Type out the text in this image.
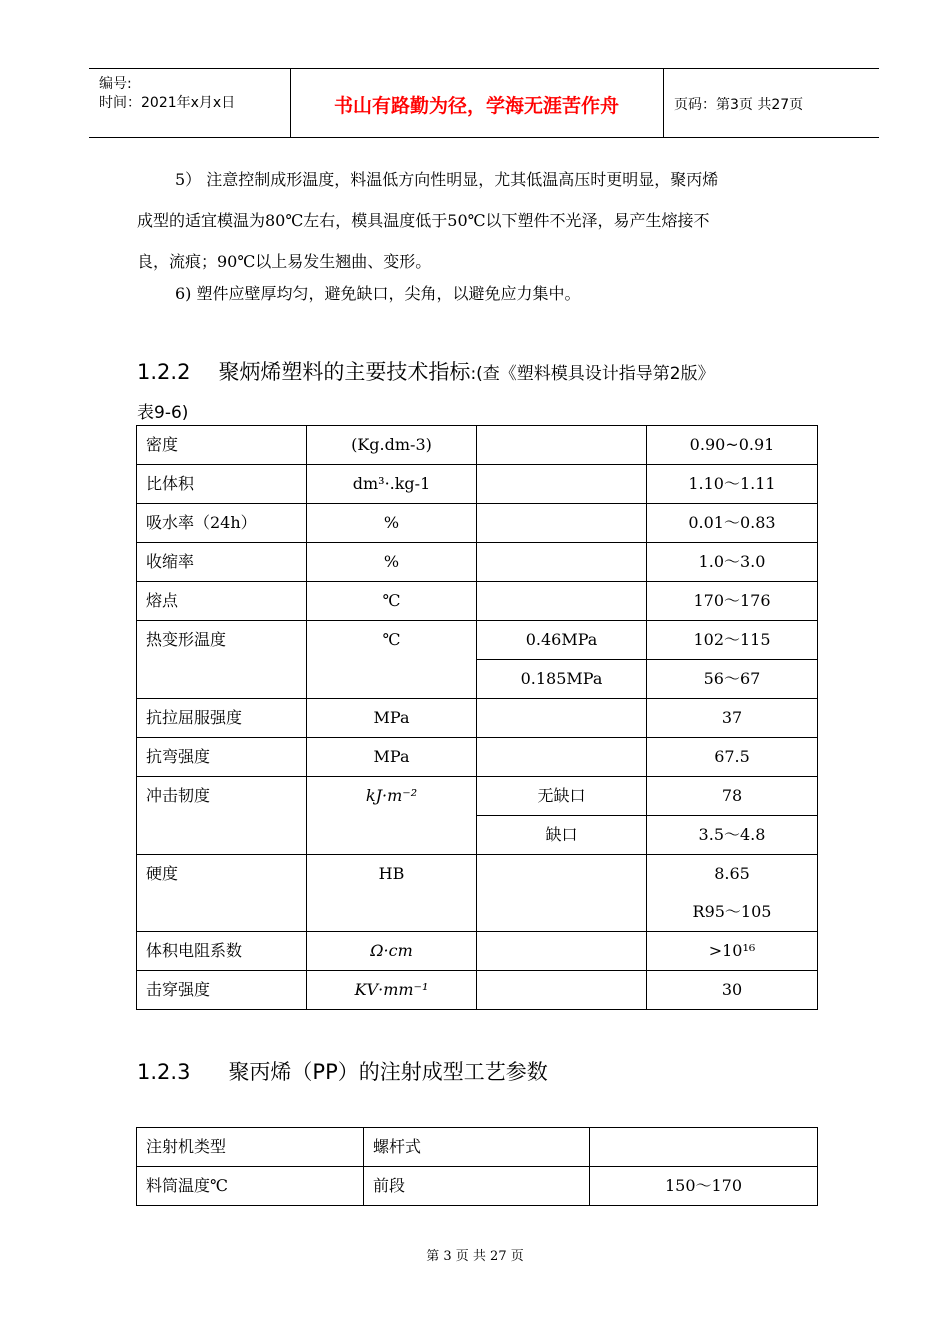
编号:
时间：2021年x月x日	书山有路勤为径，学海无涯苦作舟	页码：第3页 共27页
5） 注意控制成形温度，料温低方向性明显，尤其低温高压时更明显，聚丙烯
成型的适宜模温为80℃左右，模具温度低于50℃以下塑件不光泽，易产生熔接不
良，流痕；90℃以上易发生翘曲、变形。
6) 塑件应壁厚均匀，避免缺口，尖角，以避免应力集中。
1.2.2 聚炳烯塑料的主要技术指标:(查《塑料模具设计指导第2版》
表9-6)
密度	(Kg.dm-3)		0.90~0.91

比体积	dm³·.kg-1		1.10～1.11

吸水率（24h）	%		0.01～0.83

收缩率	%		1.0～3.0

熔点	℃		170～176

热变形温度	℃	0.46MPa	102～115

		0.185MPa	56～67

抗拉屈服强度	MPa		37

抗弯强度	MPa		67.5

冲击韧度	kJ·m⁻²	无缺口	78

		缺口	3.5～4.8

硬度	HB		8.65
R95～105

体积电阻系数	Ω·cm		>10¹⁶

击穿强度	KV·mm⁻¹		30
1.2.3 聚丙烯（PP）的注射成型工艺参数
注射机类型	螺杆式	

料筒温度℃	前段	150～170
第 3 页 共 27 页
